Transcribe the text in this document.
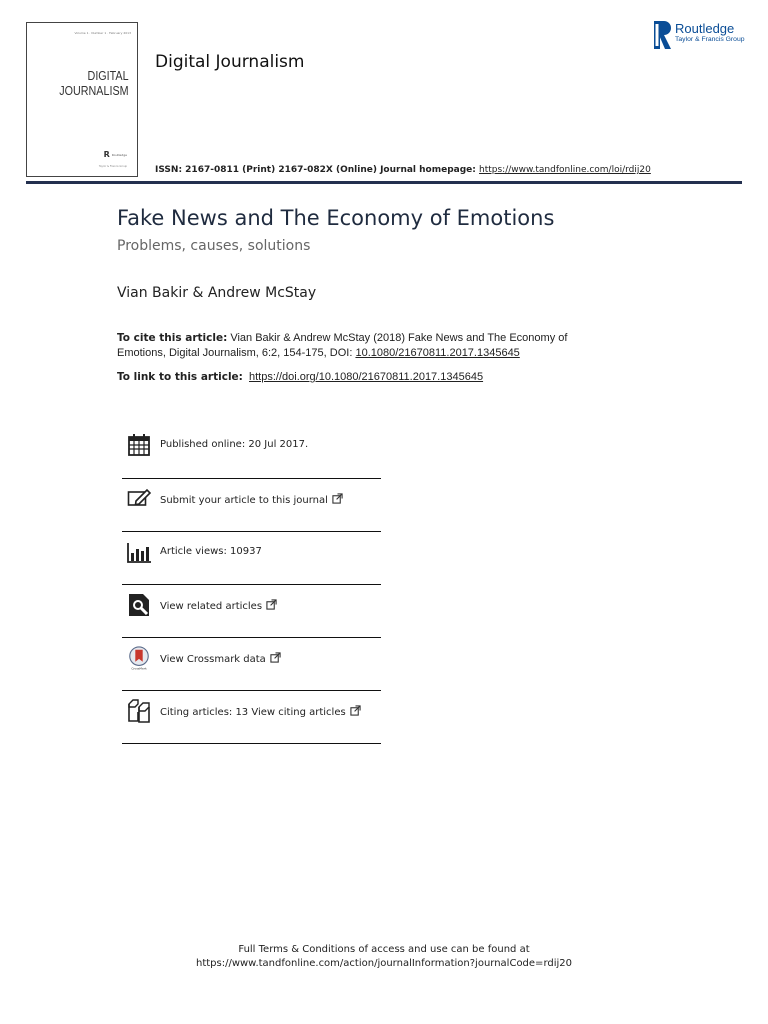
Volume 1 · Number 1 · February 2013
DIGITAL
JOURNALISM
R Routledge
Taylor & Francis Group
Digital Journalism
ISSN: 2167-0811 (Print) 2167-082X (Online) Journal homepage: https://www.tandfonline.com/loi/rdij20
Routledge
Taylor & Francis Group
Fake News and The Economy of Emotions
Problems, causes, solutions
Vian Bakir & Andrew McStay
To cite this article: Vian Bakir & Andrew McStay (2018) Fake News and The Economy of Emotions, Digital Journalism, 6:2, 154-175, DOI: 10.1080/21670811.2017.1345645
To link to this article: https://doi.org/10.1080/21670811.2017.1345645
Published online: 20 Jul 2017.
Submit your article to this journal
Article views: 10937
View related articles
CrossMark
View Crossmark data
Citing articles: 13 View citing articles
Full Terms & Conditions of access and use can be found at
https://www.tandfonline.com/action/journalInformation?journalCode=rdij20
